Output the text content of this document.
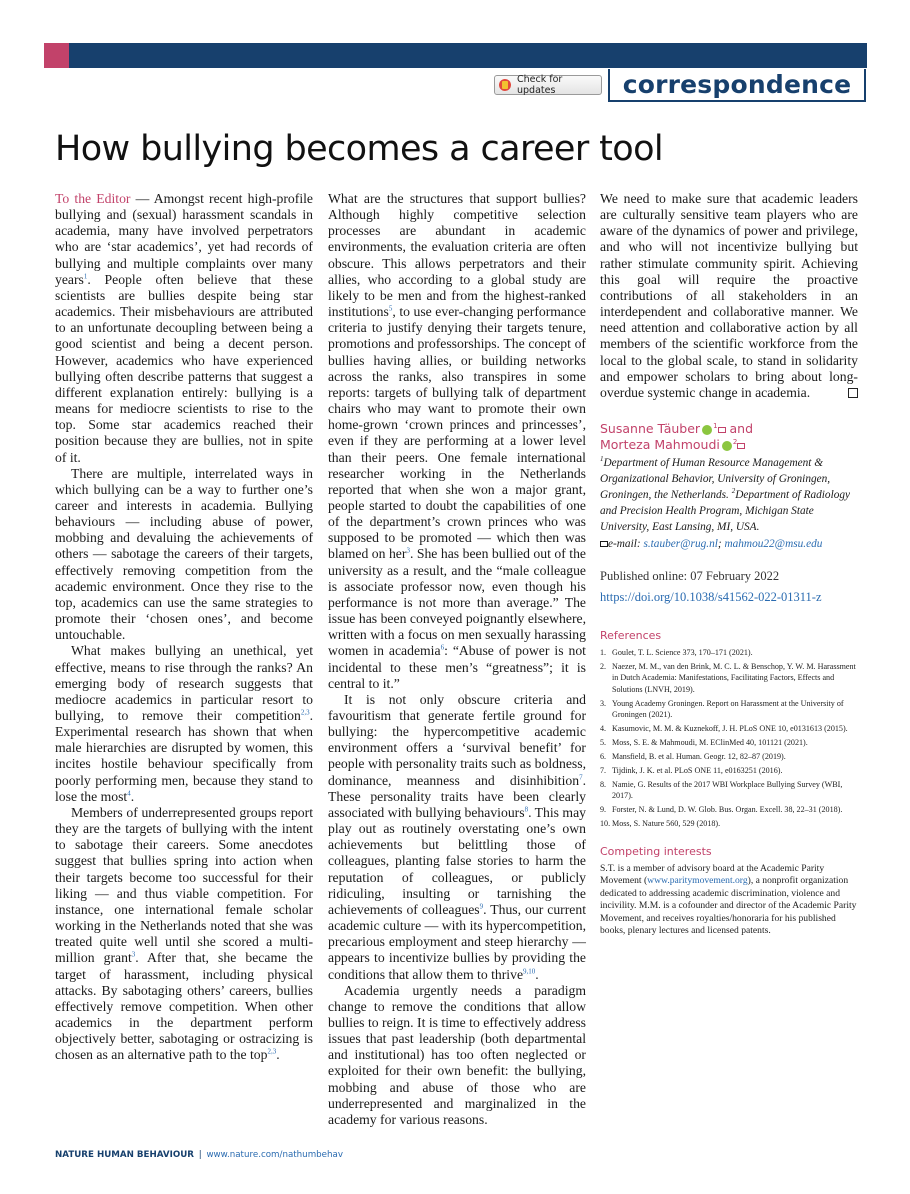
Check for updates	correspondence
How bullying becomes a career tool

To the Editor — Amongst recent high-profile bullying and (sexual) harassment scandals in academia, many have involved perpetrators who are ‘star academics’, yet had records of bullying and multiple complaints over many years$^1$. People often believe that these scientists are bullies despite being star academics. Their misbehaviours are attributed to an unfortunate decoupling between being a good scientist and being a decent person. However, academics who have experienced bullying often describe patterns that suggest a different explanation entirely: bullying is a means for mediocre scientists to rise to the top. Some star academics reached their position because they are bullies, not in spite of it.

There are multiple, interrelated ways in which bullying can be a way to further one’s career and interests in academia. Bullying behaviours — including abuse of power, mobbing and devaluing the achievements of others — sabotage the careers of their targets, effectively removing competition from the academic environment. Once they rise to the top, academics can use the same strategies to promote their ‘chosen ones’, and become untouchable.

What makes bullying an unethical, yet effective, means to rise through the ranks? An emerging body of research suggests that mediocre academics in particular resort to bullying, to remove their competition$^{2,3}$. Experimental research has shown that when male hierarchies are disrupted by women, this incites hostile behaviour specifically from poorly performing men, because they stand to lose the most$^4$.

Members of underrepresented groups report they are the targets of bullying with the intent to sabotage their careers. Some anecdotes suggest that bullies spring into action when their targets become too successful for their liking — and thus viable competition. For instance, one international female scholar working in the Netherlands noted that she was treated quite well until she scored a multi-million grant$^3$. After that, she became the target of harassment, including physical attacks. By sabotaging others’ careers, bullies effectively remove competition. When other academics in the department perform objectively better, sabotaging or ostracizing is chosen as an alternative path to the top$^{2,3}$.

What are the structures that support bullies? Although highly competitive selection processes are abundant in academic environments, the evaluation criteria are often obscure. This allows perpetrators and their allies, who according to a global study are likely to be men and from the highest-ranked institutions$^5$, to use ever-changing performance criteria to justify denying their targets tenure, promotions and professorships. The concept of bullies having allies, or building networks across the ranks, also transpires in some reports: targets of bullying talk of department chairs who may want to promote their own home-grown ‘crown princes and princesses’, even if they are performing at a lower level than their peers. One female international researcher working in the Netherlands reported that when she won a major grant, people started to doubt the capabilities of one of the department’s crown princes who was supposed to be promoted — which then was blamed on her$^3$. She has been bullied out of the university as a result, and the “male colleague is associate professor now, even though his performance is not more than average.” The issue has been conveyed poignantly elsewhere, written with a focus on men sexually harassing women in academia$^6$: “Abuse of power is not incidental to these men’s “greatness”; it is central to it.”

It is not only obscure criteria and favouritism that generate fertile ground for bullying: the hypercompetitive academic environment offers a ‘survival benefit’ for people with personality traits such as boldness, dominance, meanness and disinhibition$^7$. These personality traits have been clearly associated with bullying behaviours$^8$. This may play out as routinely overstating one’s own achievements but belittling those of colleagues, planting false stories to harm the reputation of colleagues, or publicly ridiculing, insulting or tarnishing the achievements of colleagues$^9$. Thus, our current academic culture — with its hypercompetition, precarious employment and steep hierarchy — appears to incentivize bullies by providing the conditions that allow them to thrive$^{9,10}$.

Academia urgently needs a paradigm change to remove the conditions that allow bullies to reign. It is time to effectively address issues that past leadership (both departmental and institutional) has too often neglected or exploited for their own benefit: the bullying, mobbing and abuse of those who are underrepresented and marginalized in the academy for various reasons.

We need to make sure that academic leaders are culturally sensitive team players who are aware of the dynamics of power and privilege, and who will not incentivize bullying but rather stimulate community spirit. Achieving this goal will require the proactive contributions of all stakeholders in an interdependent and collaborative manner. We need attention and collaborative action by all members of the scientific workforce from the local to the global scale, to stand in solidarity and empower scholars to bring about long-overdue systemic change in academia.

Susanne Täuber $^1$ and
Morteza Mahmoudi $^2$
$^1$Department of Human Resource Management & Organizational Behavior, University of Groningen, Groningen, the Netherlands. $^2$Department of Radiology and Precision Health Program, Michigan State University, East Lansing, MI, USA.
e-mail: s.tauber@rug.nl; mahmou22@msu.edu
Published online: 07 February 2022
https://doi.org/10.1038/s41562-022-01311-z
References
1. Goulet, T. L. Science 373, 170–171 (2021).
2. Naezer, M. M., van den Brink, M. C. L. & Benschop, Y. W. M. Harassment in Dutch Academia: Manifestations, Facilitating Factors, Effects and Solutions (LNVH, 2019).
3. Young Academy Groningen. Report on Harassment at the University of Groningen (2021).
4. Kasumovic, M. M. & Kuznekoff, J. H. PLoS ONE 10, e0131613 (2015).
5. Moss, S. E. & Mahmoudi, M. EClinMed 40, 101121 (2021).
6. Mansfield, B. et al. Human. Geogr. 12, 82–87 (2019).
7. Tijdink, J. K. et al. PLoS ONE 11, e0163251 (2016).
8. Namie, G. Results of the 2017 WBI Workplace Bullying Survey (WBI, 2017).
9. Forster, N. & Lund, D. W. Glob. Bus. Organ. Excell. 38, 22–31 (2018).
10. Moss, S. Nature 560, 529 (2018).
Competing interests
S.T. is a member of advisory board at the Academic Parity Movement (www.paritymovement.org), a nonprofit organization dedicated to addressing academic discrimination, violence and incivility. M.M. is a cofounder and director of the Academic Parity Movement, and receives royalties/honoraria for his published books, plenary lectures and licensed patents.
NATURE HUMAN BEHAVIOUR | www.nature.com/nathumbehav
